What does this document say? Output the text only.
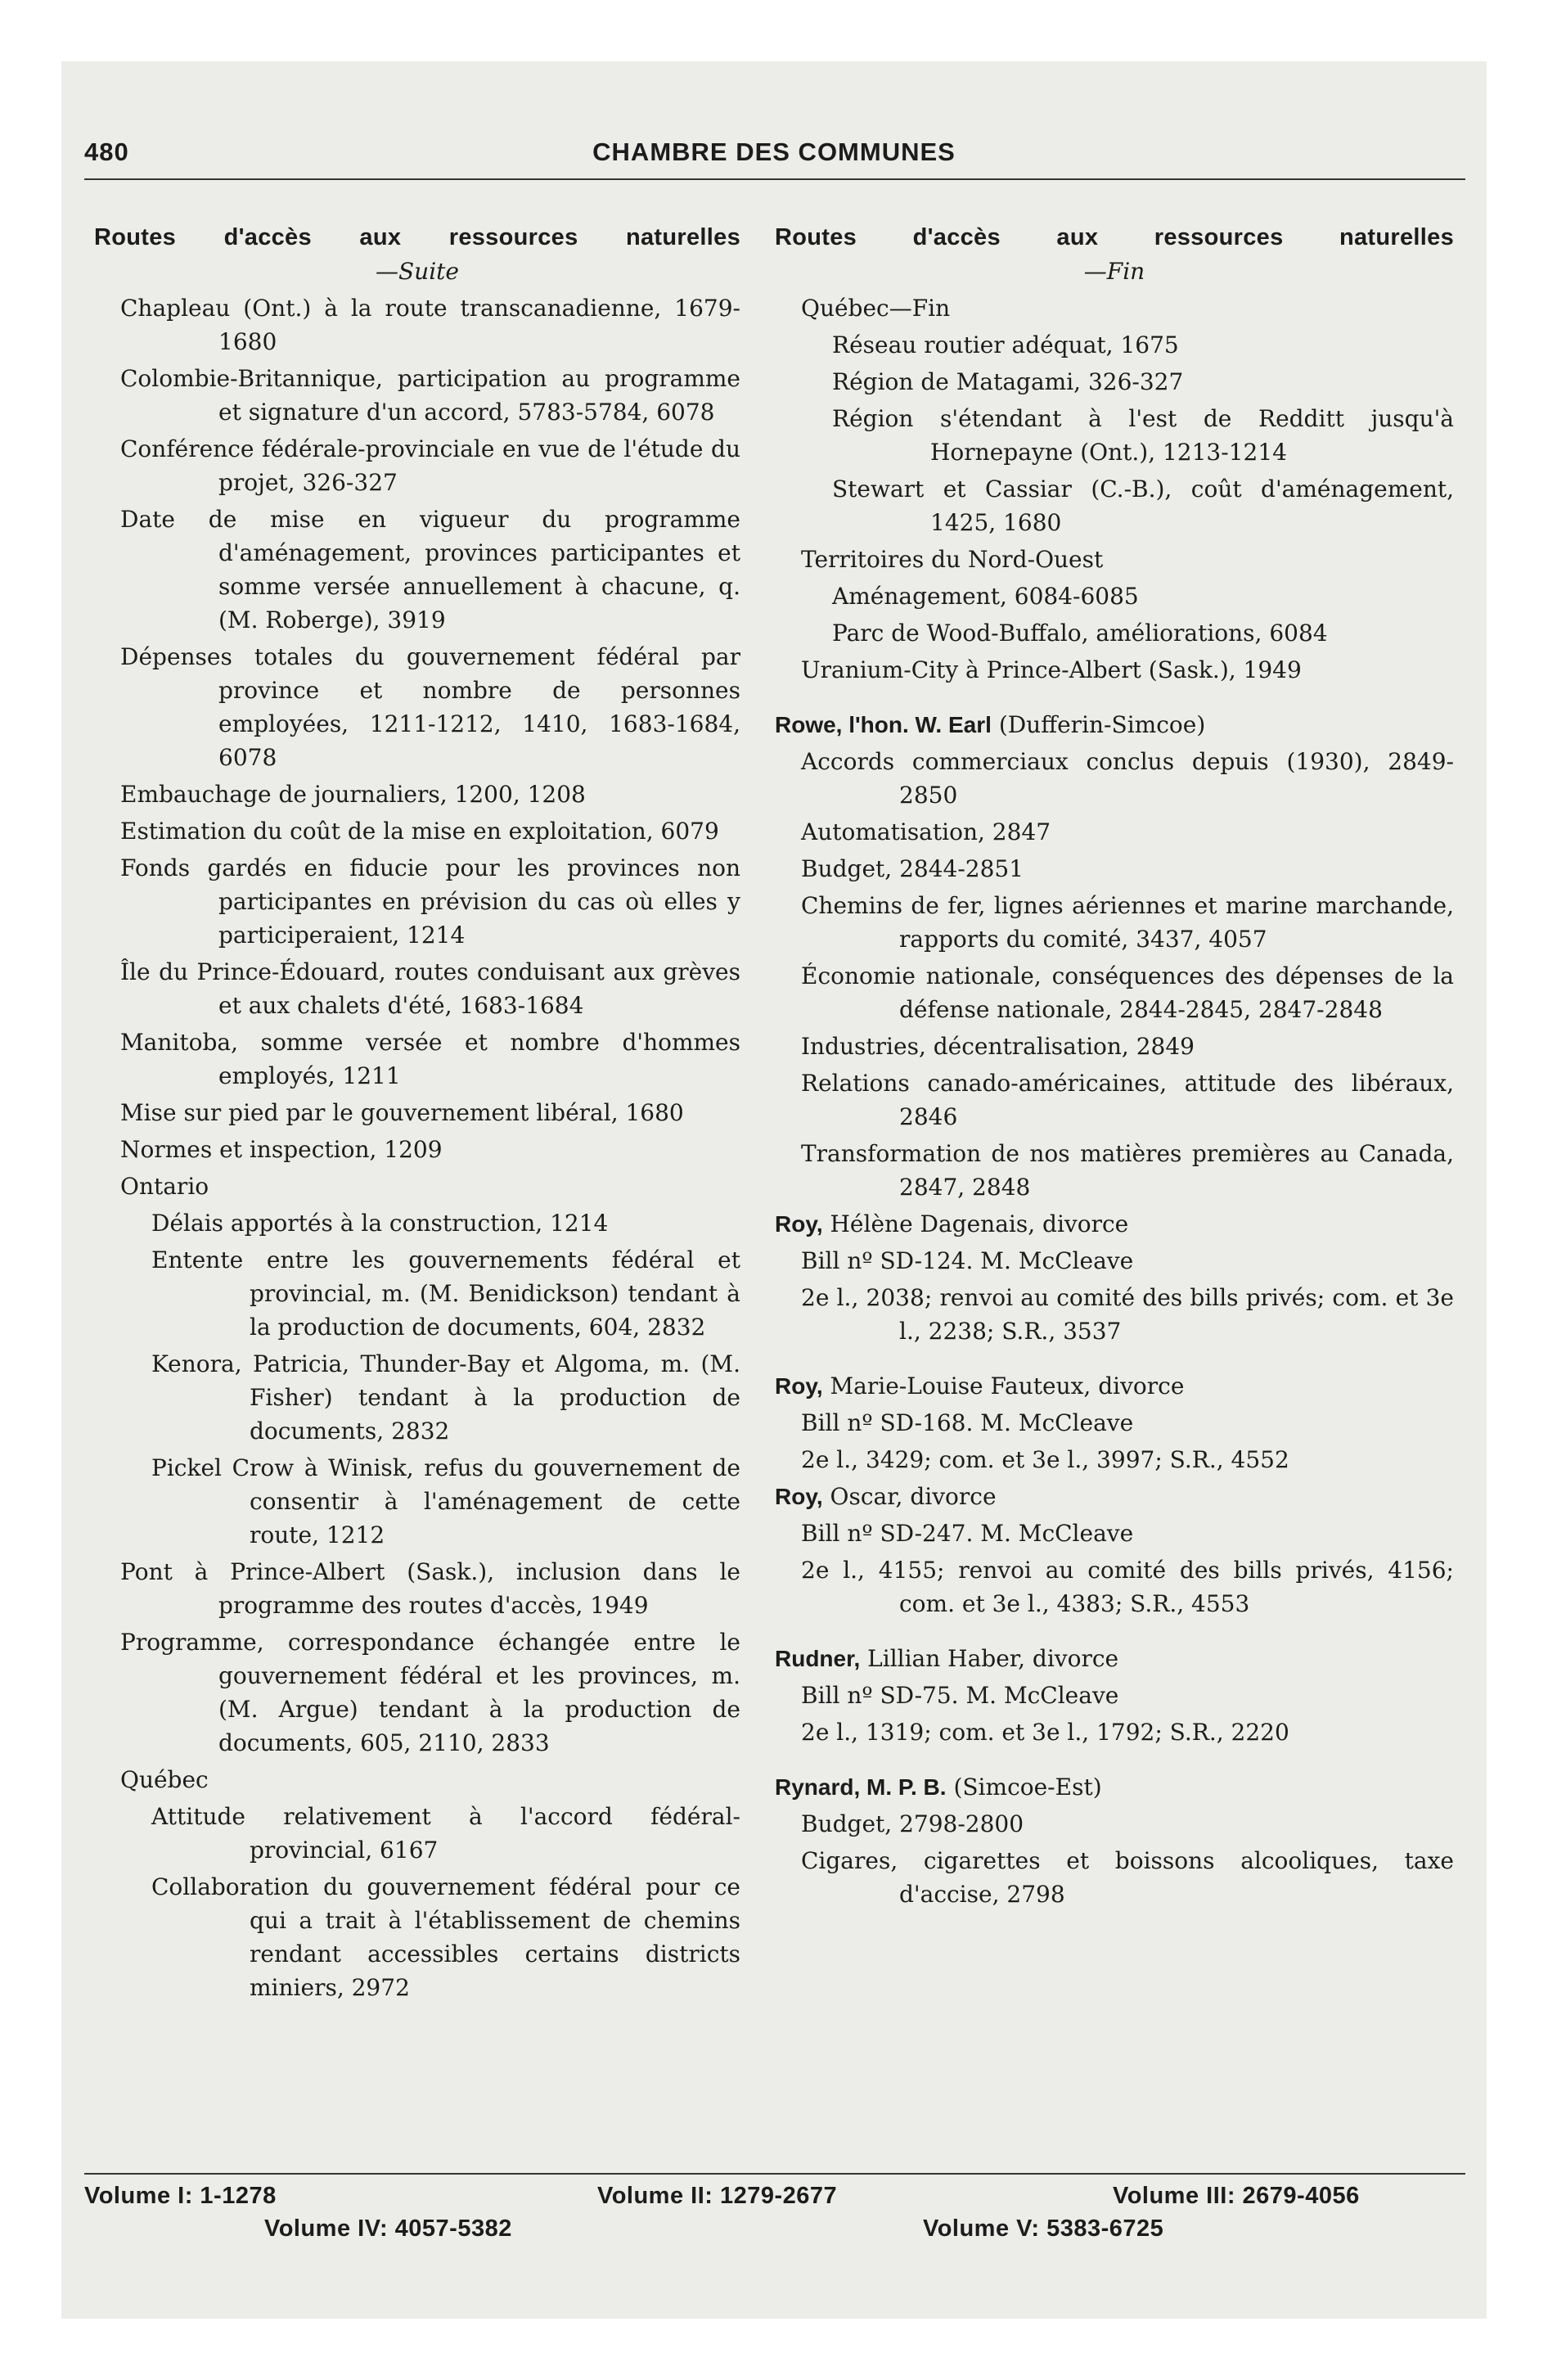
480	CHAMBRE DES COMMUNES
Routes d'accès aux ressources naturelles
—Suite
Chapleau (Ont.) à la route transcanadienne, 1679-1680
Colombie-Britannique, participation au programme et signature d'un accord, 5783-5784, 6078
Conférence fédérale-provinciale en vue de l'étude du projet, 326-327
Date de mise en vigueur du programme d'aménagement, provinces participantes et somme versée annuellement à chacune, q. (M. Roberge), 3919
Dépenses totales du gouvernement fédéral par province et nombre de personnes employées, 1211-1212, 1410, 1683-1684, 6078
Embauchage de journaliers, 1200, 1208
Estimation du coût de la mise en exploitation, 6079
Fonds gardés en fiducie pour les provinces non participantes en prévision du cas où elles y participeraient, 1214
Île du Prince-Édouard, routes conduisant aux grèves et aux chalets d'été, 1683-1684
Manitoba, somme versée et nombre d'hommes employés, 1211
Mise sur pied par le gouvernement libéral, 1680
Normes et inspection, 1209
Ontario
Délais apportés à la construction, 1214
Entente entre les gouvernements fédéral et provincial, m. (M. Benidickson) tendant à la production de documents, 604, 2832
Kenora, Patricia, Thunder-Bay et Algoma, m. (M. Fisher) tendant à la production de documents, 2832
Pickel Crow à Winisk, refus du gouvernement de consentir à l'aménagement de cette route, 1212
Pont à Prince-Albert (Sask.), inclusion dans le programme des routes d'accès, 1949
Programme, correspondance échangée entre le gouvernement fédéral et les provinces, m. (M. Argue) tendant à la production de documents, 605, 2110, 2833
Québec
Attitude relativement à l'accord fédéral-provincial, 6167
Collaboration du gouvernement fédéral pour ce qui a trait à l'établissement de chemins rendant accessibles certains districts miniers, 2972
Routes d'accès aux ressources naturelles
—Fin
Québec—Fin
Réseau routier adéquat, 1675
Région de Matagami, 326-327
Région s'étendant à l'est de Redditt jusqu'à Hornepayne (Ont.), 1213-1214
Stewart et Cassiar (C.-B.), coût d'aménagement, 1425, 1680
Territoires du Nord-Ouest
Aménagement, 6084-6085
Parc de Wood-Buffalo, améliorations, 6084
Uranium-City à Prince-Albert (Sask.), 1949
Rowe, l'hon. W. Earl (Dufferin-Simcoe)
Accords commerciaux conclus depuis (1930), 2849-2850
Automatisation, 2847
Budget, 2844-2851
Chemins de fer, lignes aériennes et marine marchande, rapports du comité, 3437, 4057
Économie nationale, conséquences des dépenses de la défense nationale, 2844-2845, 2847-2848
Industries, décentralisation, 2849
Relations canado-américaines, attitude des libéraux, 2846
Transformation de nos matières premières au Canada, 2847, 2848
Roy, Hélène Dagenais, divorce
Bill nº SD-124. M. McCleave
2e l., 2038; renvoi au comité des bills privés; com. et 3e l., 2238; S.R., 3537
Roy, Marie-Louise Fauteux, divorce
Bill nº SD-168. M. McCleave
2e l., 3429; com. et 3e l., 3997; S.R., 4552
Roy, Oscar, divorce
Bill nº SD-247. M. McCleave
2e l., 4155; renvoi au comité des bills privés, 4156; com. et 3e l., 4383; S.R., 4553
Rudner, Lillian Haber, divorce
Bill nº SD-75. M. McCleave
2e l., 1319; com. et 3e l., 1792; S.R., 2220
Rynard, M. P. B. (Simcoe-Est)
Budget, 2798-2800
Cigares, cigarettes et boissons alcooliques, taxe d'accise, 2798
Volume I: 1-1278	Volume II: 1279-2677	Volume III: 2679-4056
Volume IV: 4057-5382	Volume V: 5383-6725
